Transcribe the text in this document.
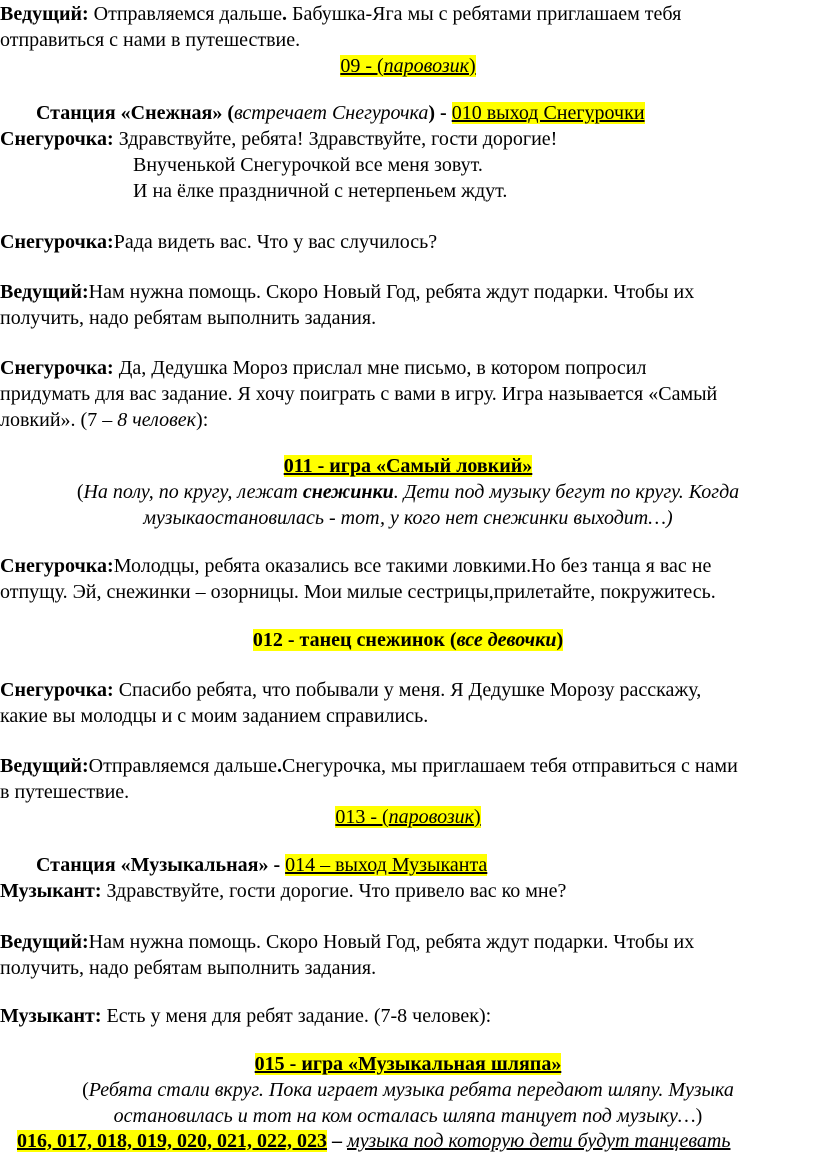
Ведущий: Отправляемся дальше. Бабушка-Яга мы с ребятами приглашаем тебя
отправиться с нами в путешествие.
09 - (паровозик)
Станция «Снежная» (встречает Снегурочка) - 010 выход Снегурочки
Снегурочка: Здравствуйте, ребята! Здравствуйте, гости дорогие!
Внученькой Снегурочкой все меня зовут.
И на ёлке праздничной с нетерпеньем ждут.
Снегурочка:Рада видеть вас. Что у вас случилось?
Ведущий:Нам нужна помощь. Скоро Новый Год, ребята ждут подарки. Чтобы их
получить, надо ребятам выполнить задания.
Снегурочка: Да, Дедушка Мороз прислал мне письмо, в котором попросил
придумать для вас задание. Я хочу поиграть с вами в игру. Игра называется «Самый
ловкий». (7 – 8 человек):
011 - игра «Самый ловкий»
(На полу, по кругу, лежат снежинки. Дети под музыку бегут по кругу. Когда
музыкаостановилась - тот, у кого нет снежинки выходит…)
Снегурочка:Молодцы, ребята оказались все такими ловкими.Но без танца я вас не
отпущу. Эй, снежинки – озорницы. Мои милые сестрицы,прилетайте, покружитесь.
012 - танец снежинок (все девочки)
Снегурочка: Спасибо ребята, что побывали у меня. Я Дедушке Морозу расскажу,
какие вы молодцы и с моим заданием справились.
Ведущий:Отправляемся дальше.Снегурочка, мы приглашаем тебя отправиться с нами
в путешествие.
013 - (паровозик)
Станция «Музыкальная» - 014 – выход Музыканта
Музыкант: Здравствуйте, гости дорогие. Что привело вас ко мне?
Ведущий:Нам нужна помощь. Скоро Новый Год, ребята ждут подарки. Чтобы их
получить, надо ребятам выполнить задания.
Музыкант: Есть у меня для ребят задание. (7-8 человек):
015 - игра «Музыкальная шляпа»
(Ребята стали вкруг. Пока играет музыка ребята передают шляпу. Музыка
остановилась и тот на ком осталась шляпа танцует под музыку…)
016, 017, 018, 019, 020, 021, 022, 023 – музыка под которую дети будут танцевать
